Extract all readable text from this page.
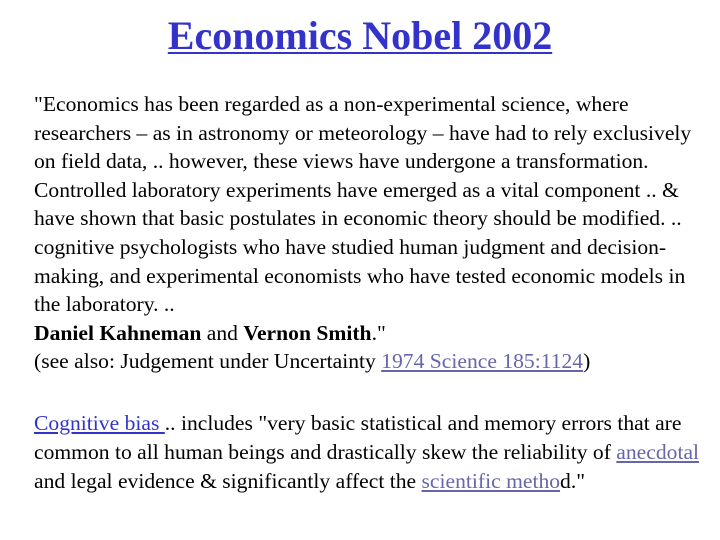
Economics Nobel 2002

"Economics has been regarded as a non-experimental science, where researchers – as in astronomy or meteorology – have had to rely exclusively on field data, .. however, these views have undergone a transformation. Controlled laboratory experiments have emerged as a vital component .. & have shown that basic postulates in economic theory should be modified. .. cognitive psychologists who have studied human judgment and decision-making, and experimental economists who have tested economic models in the laboratory. ..
Daniel Kahneman and Vernon Smith."
(see also: Judgement under Uncertainty 1974 Science 185:1124)

Cognitive bias .. includes "very basic statistical and memory errors that are common to all human beings and drastically skew the reliability of anecdotal and legal evidence & significantly affect the scientific method."
